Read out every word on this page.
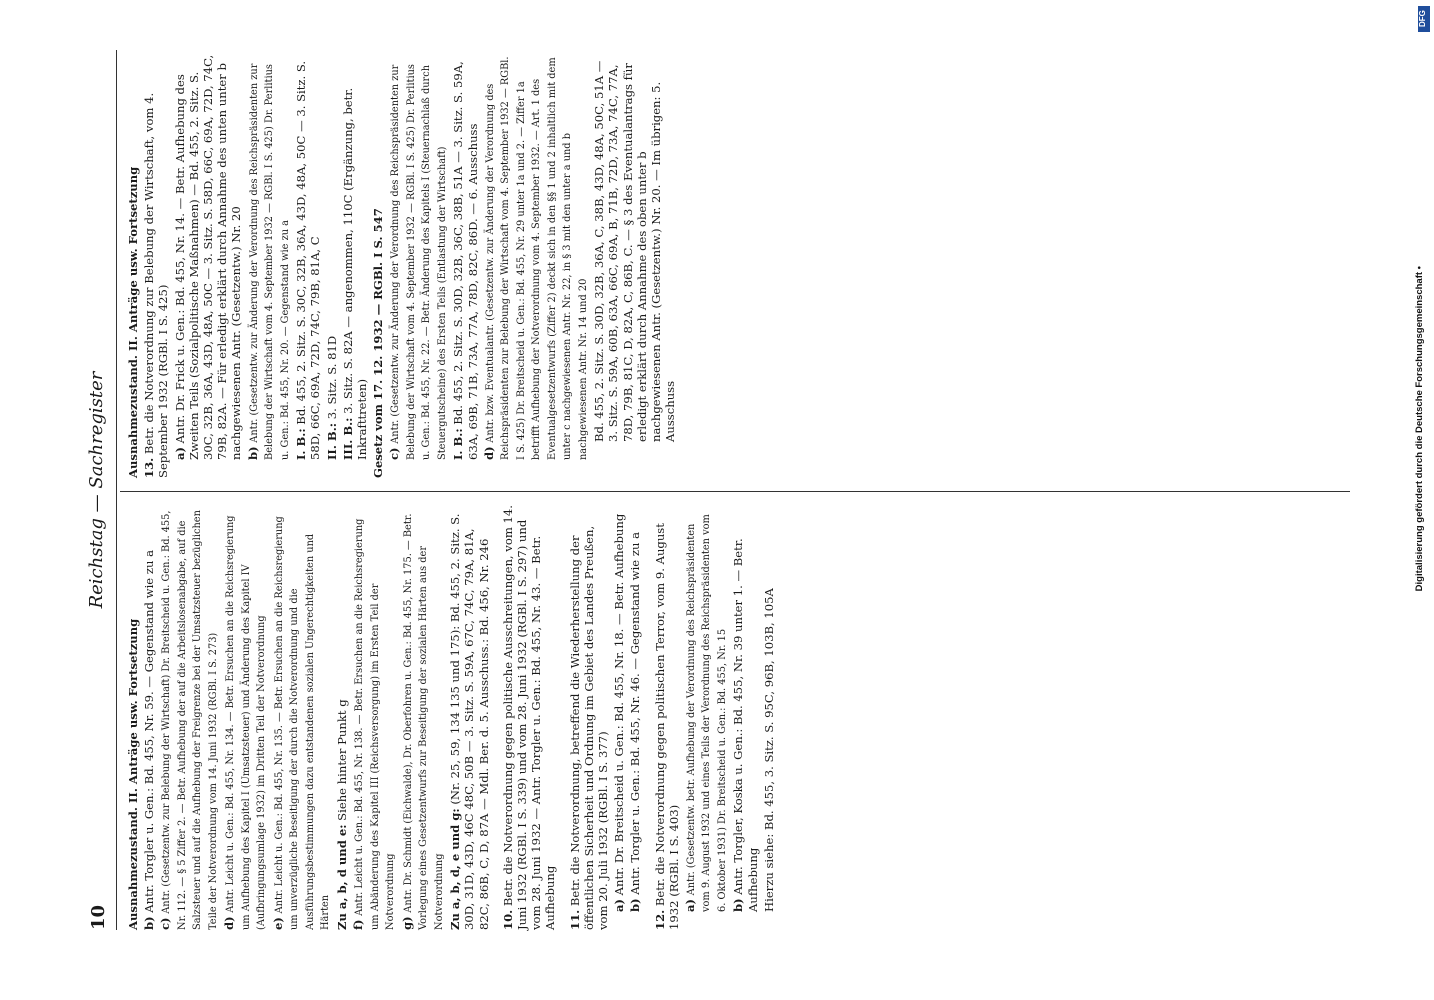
10
Reichstag — Sachregister

Ausnahmezustand. II. Anträge usw. Fortsetzung b) Antr. Torgler u. Gen.: Bd. 455, Nr. 59. — Gegenstand wie zu a

c) Antr. (Gesetzentw. zur Belebung der Wirtschaft) Dr. Breitscheid u. Gen.: Bd. 455, Nr. 112. — § 5 Ziffer 2. — Betr. Aufhebung der auf die Arbeitslosenabgabe, auf die Salzsteuer und auf die Aufhebung der Freigrenze bei der Umsatzsteuer bezüglichen Teile der Notverordnung vom 14. Juni 1932 (RGBl. I S. 273) d) Antr. Leicht u. Gen.: Bd. 455, Nr. 134. — Betr. Ersuchen an die Reichsregierung um Aufhebung des Kapitel I (Umsatzsteuer) und Änderung des Kapitel IV (Aufbringungsumlage 1932) im Dritten Teil der Notverordnung e) Antr. Leicht u. Gen.: Bd. 455, Nr. 135. — Betr. Ersuchen an die Reichsregierung um unverzügliche Beseitigung der durch die Notverordnung und die Ausführungsbestimmungen dazu entstandenen sozialen Ungerechtigkeiten und Härten Zu a, b, d und e: Siehe hinter Punkt g

f) Antr. Leicht u. Gen.: Bd. 455, Nr. 138. — Betr. Ersuchen an die Reichsregierung um Abänderung des Kapitel III (Reichsversorgung) im Ersten Teil der Notverordnung g) Antr. Dr. Schmidt (Eichwalde), Dr. Oberfohren u. Gen.: Bd. 455, Nr. 175. — Betr. Vorlegung eines Gesetzentwurfs zur Beseitigung der sozialen Härten aus der Notverordnung Zu a, b, d, e und g: (Nr. 25, 59, 134 135 und 175): Bd. 455, 2. Sitz. S. 30D, 31D, 43D, 46C 48C, 50B — 3. Sitz. S. 59A, 67C, 74C, 79A, 81A, 82C, 86B, C, D, 87A — Mdl. Ber. d. 5. Ausschuss.: Bd. 456, Nr. 246 10. Betr. die Notverordnung gegen politische Ausschreitungen, vom 14. Juni 1932 (RGBl. I S. 339) und vom 28. Juni 1932 (RGBl. I S. 297) und vom 28. Juni 1932 — Antr. Torgler u. Gen.: Bd. 455, Nr. 43. — Betr. Aufhebung 11. Betr. die Notverordnung, betreffend die Wiederherstellung der öffentlichen Sicherheit und Ordnung im Gebiet des Landes Preußen, vom 20. Juli 1932 (RGBl. I S. 377) a) Antr. Dr. Breitscheid u. Gen.: Bd. 455, Nr. 18. — Betr. Aufhebung

b) Antr. Torgler u. Gen.: Bd. 455, Nr. 46. — Gegenstand wie zu a

12. Betr. die Notverordnung gegen politischen Terror, vom 9. August 1932 (RGBl. I S. 403) a) Antr. (Gesetzentw. betr. Aufhebung der Verordnung des Reichspräsidenten vom 9. August 1932 und eines Teils der Verordnung des Reichspräsidenten vom 6. Oktober 1931) Dr. Breitscheid u. Gen.: Bd. 455, Nr. 15 b) Antr. Torgler, Koska u. Gen.: Bd. 455, Nr. 39 unter 1. — Betr. Aufhebung Hierzu siehe: Bd. 455, 3. Sitz. S. 95C, 96B, 103B, 105A

Ausnahmezustand. II. Anträge usw. Fortsetzung 13. Betr. die Notverordnung zur Belebung der Wirtschaft, vom 4. September 1932 (RGBl. I S. 425) a) Antr. Dr. Frick u. Gen.: Bd. 455, Nr. 14. — Betr. Aufhebung des Zweiten Teils (Sozialpolitische Maßnahmen) — Bd. 455, 2. Sitz. S. 30C, 32B, 36A, 43D, 48A, 50C — 3. Sitz. S. 58D, 66C, 69A, 72D, 74C, 79B, 82A. — Für erledigt erklärt durch Annahme des unten unter b nachgewiesenen Antr. (Gesetzentw.) Nr. 20 b) Antr. (Gesetzentw. zur Änderung der Verordnung des Reichspräsidenten zur Belebung der Wirtschaft vom 4. September 1932 — RGBl. I S. 425) Dr. Perlitius u. Gen.: Bd. 455, Nr. 20. — Gegenstand wie zu a I. B.: Bd. 455, 2. Sitz. S. 30C, 32B, 36A, 43D, 48A, 50C — 3. Sitz. S. 58D, 66C, 69A, 72D, 74C, 79B, 81A, C II. B.: 3. Sitz. S. 81D

III. B.: 3. Sitz. S. 82A — angenommen, 110C (Ergänzung, betr. Inkrafttreten) Gesetz vom 17. 12. 1932 — RGBl. I S. 547 c) Antr. (Gesetzentw. zur Änderung der Verordnung des Reichspräsidenten zur Belebung der Wirtschaft vom 4. September 1932 — RGBl. I S. 425) Dr. Perlitius u. Gen.: Bd. 455, Nr. 22. — Betr. Änderung des Kapitels I (Steuernachlaß durch Steuergutscheine) des Ersten Teils (Entlastung der Wirtschaft) I. B.: Bd. 455, 2. Sitz. S. 30D, 32B, 36C, 38B, 51A — 3. Sitz. S. 59A, 63A, 69B, 71B, 73A, 77A, 78D, 82C, 86D. — 6. Ausschuss d) Antr. bzw. Eventualantr. (Gesetzentw. zur Änderung der Verordnung des Reichspräsidenten zur Belebung der Wirtschaft vom 4. September 1932 — RGBl. I S. 425) Dr. Breitscheid u. Gen.: Bd. 455, Nr. 29 unter 1a und 2. — Ziffer 1a betrifft Aufhebung der Notverordnung vom 4. September 1932. — Art. 1 des Eventualgesetzentwurfs (Ziffer 2) deckt sich in den §§ 1 und 2 inhaltlich mit dem unter c nachgewiesenen Antr. Nr. 22, in § 3 mit den unter a und b nachgewiesenen Antr. Nr. 14 und 20 Bd. 455, 2. Sitz. S. 30D, 32B, 36A, C, 38B, 43D, 48A, 50C, 51A — 3. Sitz. S. 59A, 60B, 63A, 66C, 69A, B, 71B, 72D, 73A, 74C, 77A, 78D, 79B, 81C, D, 82A, C, 86B, C. — § 3 des Eventualantrags für erledigt erklärt durch Annahme des oben unter b nachgewiesenen Antr. (Gesetzentw.) Nr. 20. — Im übrigen: 5. Ausschuss	Digitalisierung gefördert durch die Deutsche Forschungsgemeinschaft •
DFG
